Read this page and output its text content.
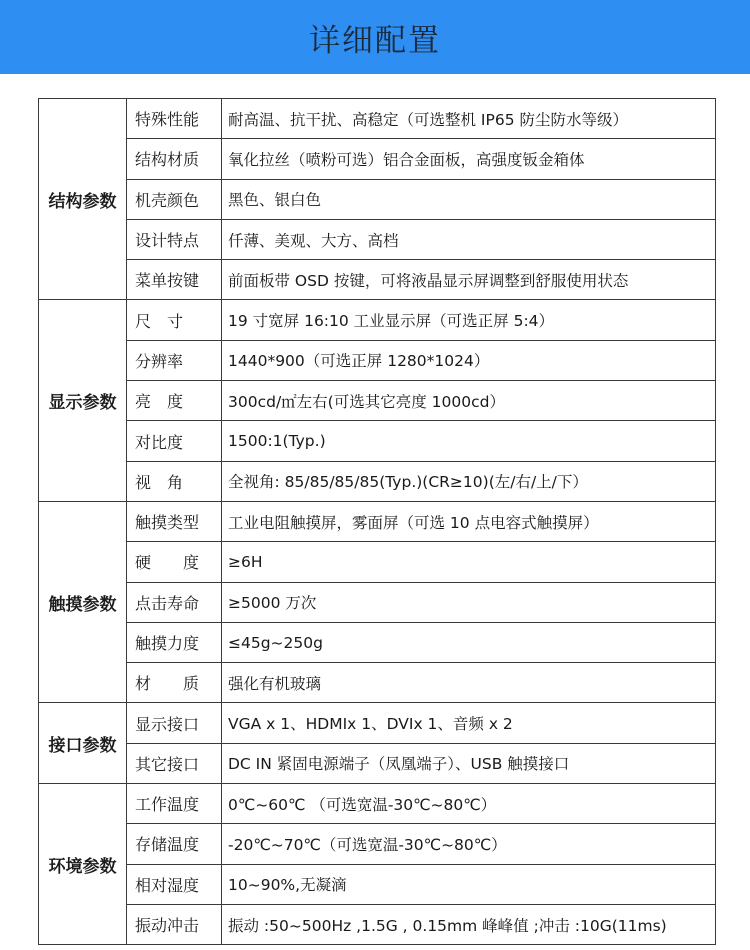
详细配置
结构参数	特殊性能	耐高温、抗干扰、高稳定（可选整机 IP65 防尘防水等级）
	结构材质	氧化拉丝（喷粉可选）铝合金面板，高强度钣金箱体
	机壳颜色	黑色、银白色
	设计特点	仟薄、美观、大方、高档
	菜单按键	前面板带 OSD 按键，可将液晶显示屏调整到舒服使用状态
显示参数	尺　寸	19 寸宽屏 16:10 工业显示屏（可选正屏 5:4）
	分辨率	1440*900（可选正屏 1280*1024）
	亮　度	300cd/㎡左右(可选其它亮度 1000cd）
	对比度	1500:1(Typ.)
	视　角	全视角: 85/85/85/85(Typ.)(CR≥10)(左/右/上/下）
触摸参数	触摸类型	工业电阻触摸屏，雾面屏（可选 10 点电容式触摸屏）
	硬　　度	≥6H
	点击寿命	≥5000 万次
	触摸力度	≤45g~250g
	材　　质	强化有机玻璃
接口参数	显示接口	VGA x 1、HDMIx 1、DVIx 1、音频 x 2
	其它接口	DC IN 紧固电源端子（凤凰端子）、USB 触摸接口
环境参数	工作温度	0℃~60℃ （可选宽温-30℃~80℃）
	存储温度	-20℃~70℃（可选宽温-30℃~80℃）
	相对湿度	10~90%,无凝滴
	振动冲击	振动 :50~500Hz ,1.5G , 0.15mm 峰峰值 ;冲击 :10G(11ms)
